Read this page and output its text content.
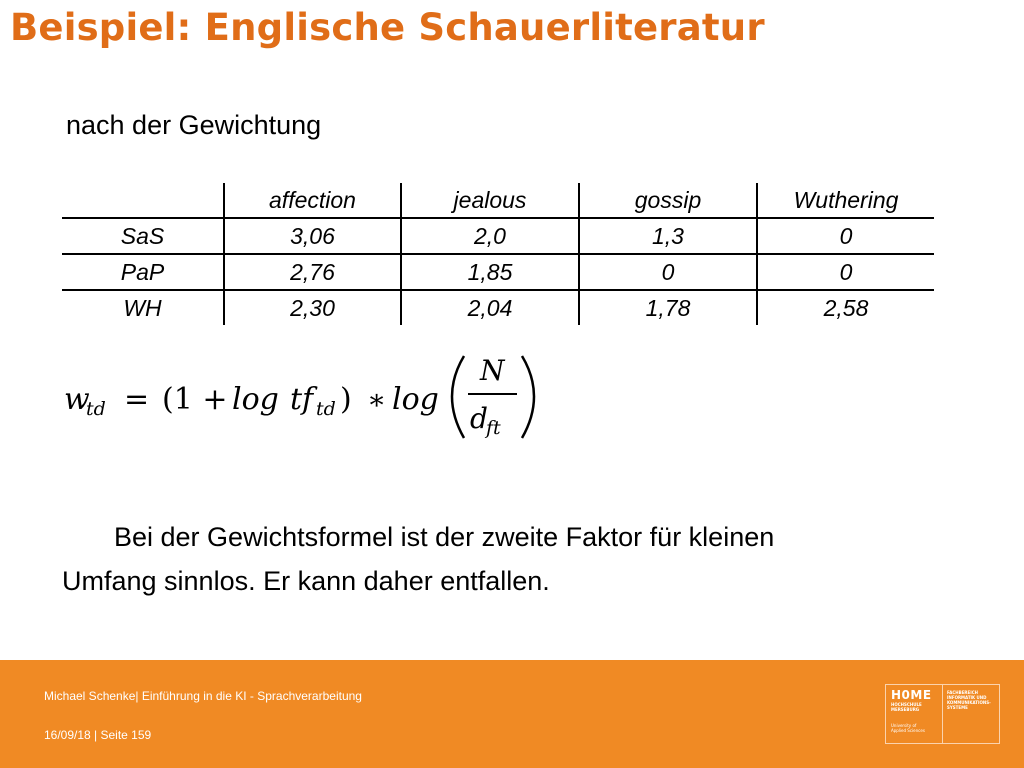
Beispiel: Englische Schauerliteratur
nach der Gewichtung
	affection	jealous	gossip	Wuthering
SaS	3,06	2,0	1,3	0
PaP	2,76	1,85	0	0
WH	2,30	2,04	1,78	2,58
w
td = (1 + log tf td ) ∗ log
N
d
ft
Bei der Gewichtsformel ist der zweite Faktor für kleinen
Umfang sinnlos. Er kann daher entfallen.
Michael Schenke| Einführung in die KI - Sprachverarbeitung
16/09/18 | Seite 159
H0ME
HOCHSCHULE
MERSEBURG
University of
Applied Sciences
FACHBEREICH
INFORMATIK UND
KOMMUNIKATIONS-
SYSTEME
